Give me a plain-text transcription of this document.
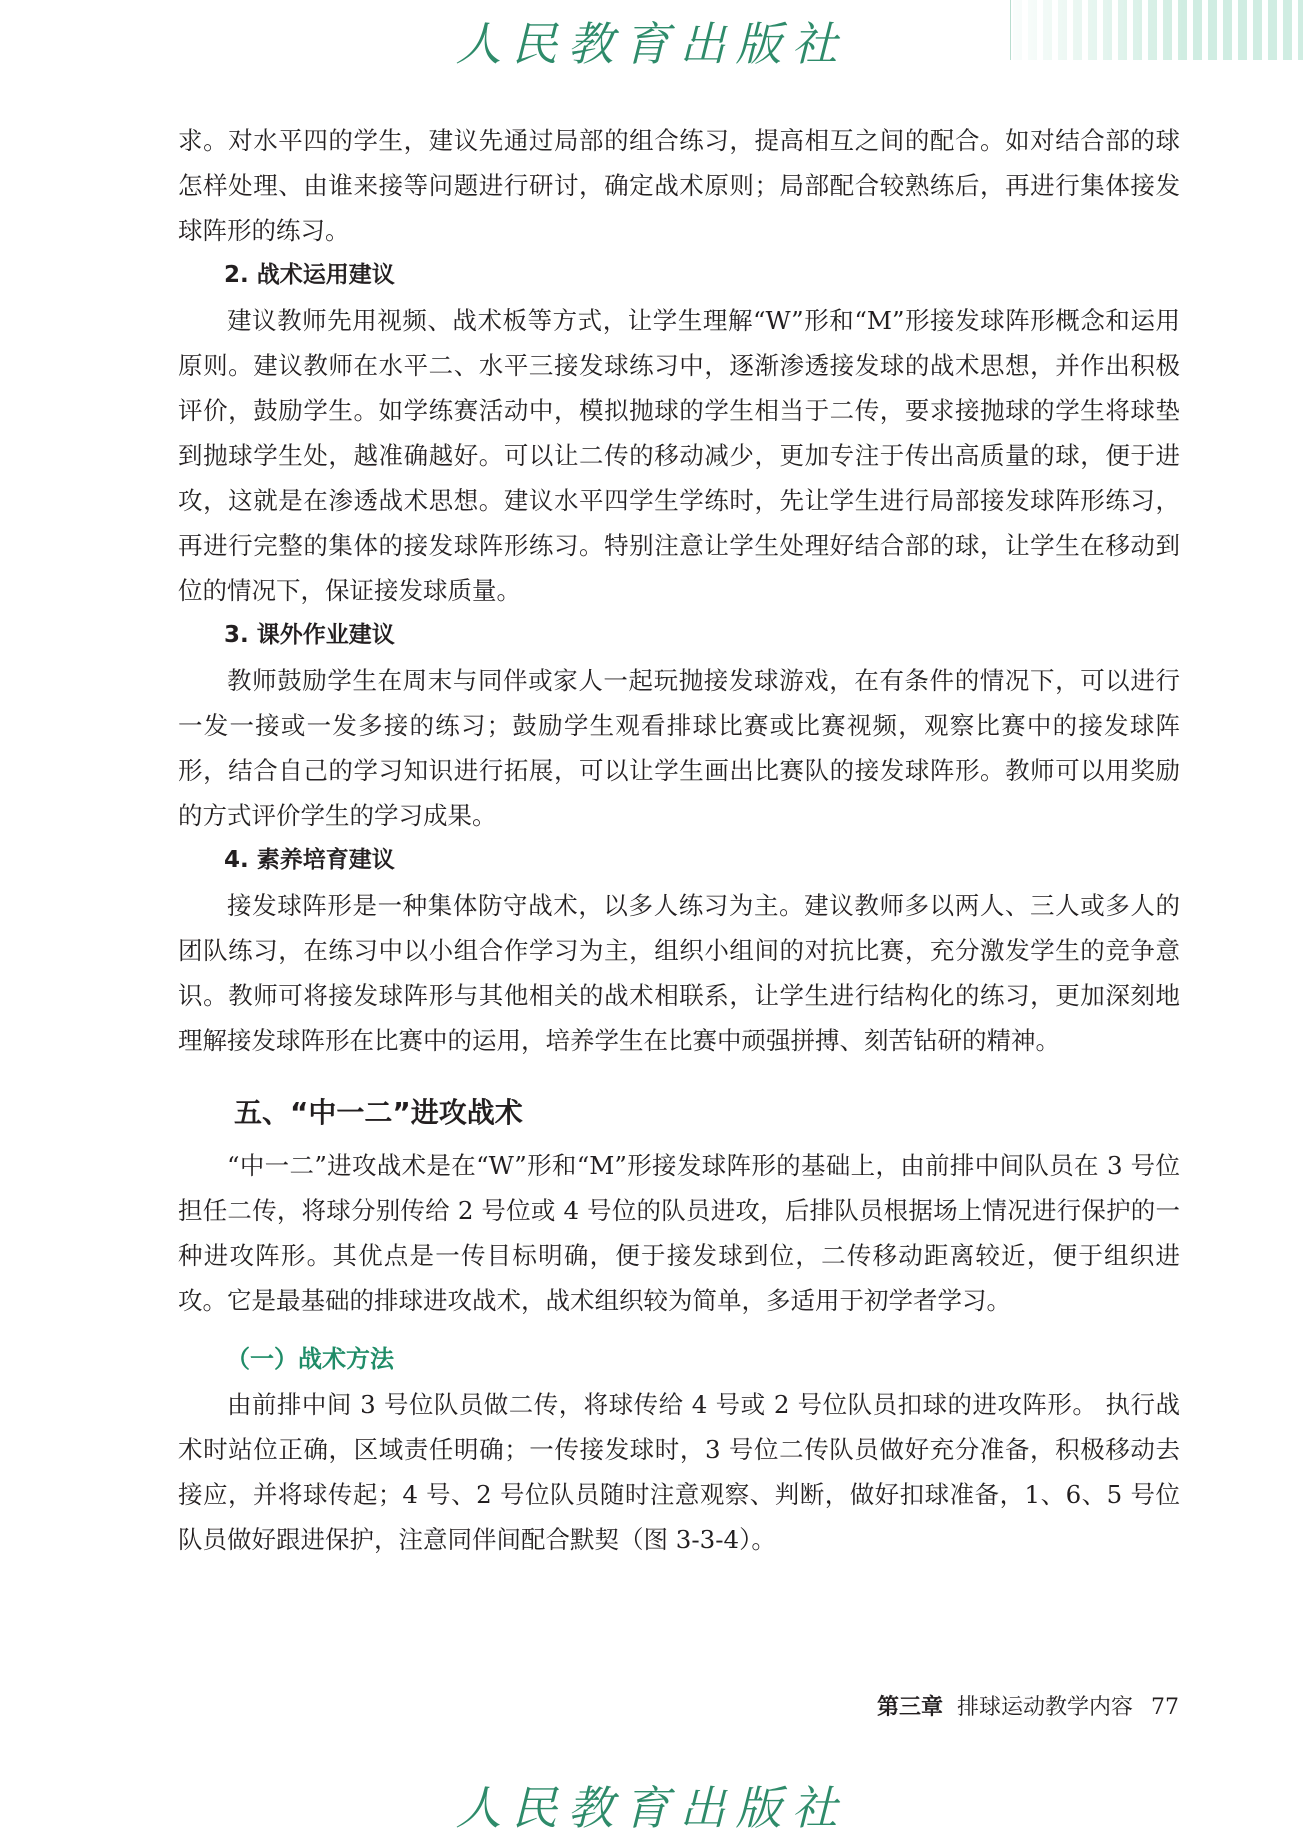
人民教育出版社

求。对水平四的学生，建议先通过局部的组合练习，提高相互之间的配合。如对结合部的球怎样处理、由谁来接等问题进行研讨，确定战术原则；局部配合较熟练后，再进行集体接发球阵形的练习。

2. 战术运用建议

建议教师先用视频、战术板等方式，让学生理解“W”形和“M”形接发球阵形概念和运用原则。建议教师在水平二、水平三接发球练习中，逐渐渗透接发球的战术思想，并作出积极评价，鼓励学生。如学练赛活动中，模拟抛球的学生相当于二传，要求接抛球的学生将球垫到抛球学生处，越准确越好。可以让二传的移动减少，更加专注于传出高质量的球，便于进攻，这就是在渗透战术思想。建议水平四学生学练时，先让学生进行局部接发球阵形练习，再进行完整的集体的接发球阵形练习。特别注意让学生处理好结合部的球，让学生在移动到位的情况下，保证接发球质量。

3. 课外作业建议

教师鼓励学生在周末与同伴或家人一起玩抛接发球游戏，在有条件的情况下，可以进行一发一接或一发多接的练习；鼓励学生观看排球比赛或比赛视频，观察比赛中的接发球阵形，结合自己的学习知识进行拓展，可以让学生画出比赛队的接发球阵形。教师可以用奖励的方式评价学生的学习成果。

4. 素养培育建议

接发球阵形是一种集体防守战术，以多人练习为主。建议教师多以两人、三人或多人的团队练习，在练习中以小组合作学习为主，组织小组间的对抗比赛，充分激发学生的竞争意识。教师可将接发球阵形与其他相关的战术相联系，让学生进行结构化的练习，更加深刻地理解接发球阵形在比赛中的运用，培养学生在比赛中顽强拼搏、刻苦钻研的精神。

五、“中一二”进攻战术

“中一二”进攻战术是在“W”形和“M”形接发球阵形的基础上，由前排中间队员在 3 号位担任二传，将球分别传给 2 号位或 4 号位的队员进攻，后排队员根据场上情况进行保护的一种进攻阵形。其优点是一传目标明确，便于接发球到位，二传移动距离较近，便于组织进攻。它是最基础的排球进攻战术，战术组织较为简单，多适用于初学者学习。

（一）战术方法

由前排中间 3 号位队员做二传，将球传给 4 号或 2 号位队员扣球的进攻阵形。 执行战术时站位正确，区域责任明确；一传接发球时，3 号位二传队员做好充分准备，积极移动去接应，并将球传起；4 号、2 号位队员随时注意观察、判断，做好扣球准备，1、6、5 号位队员做好跟进保护，注意同伴间配合默契（图 3-3-4）。

第三章 排球运动教学内容 77
人民教育出版社
